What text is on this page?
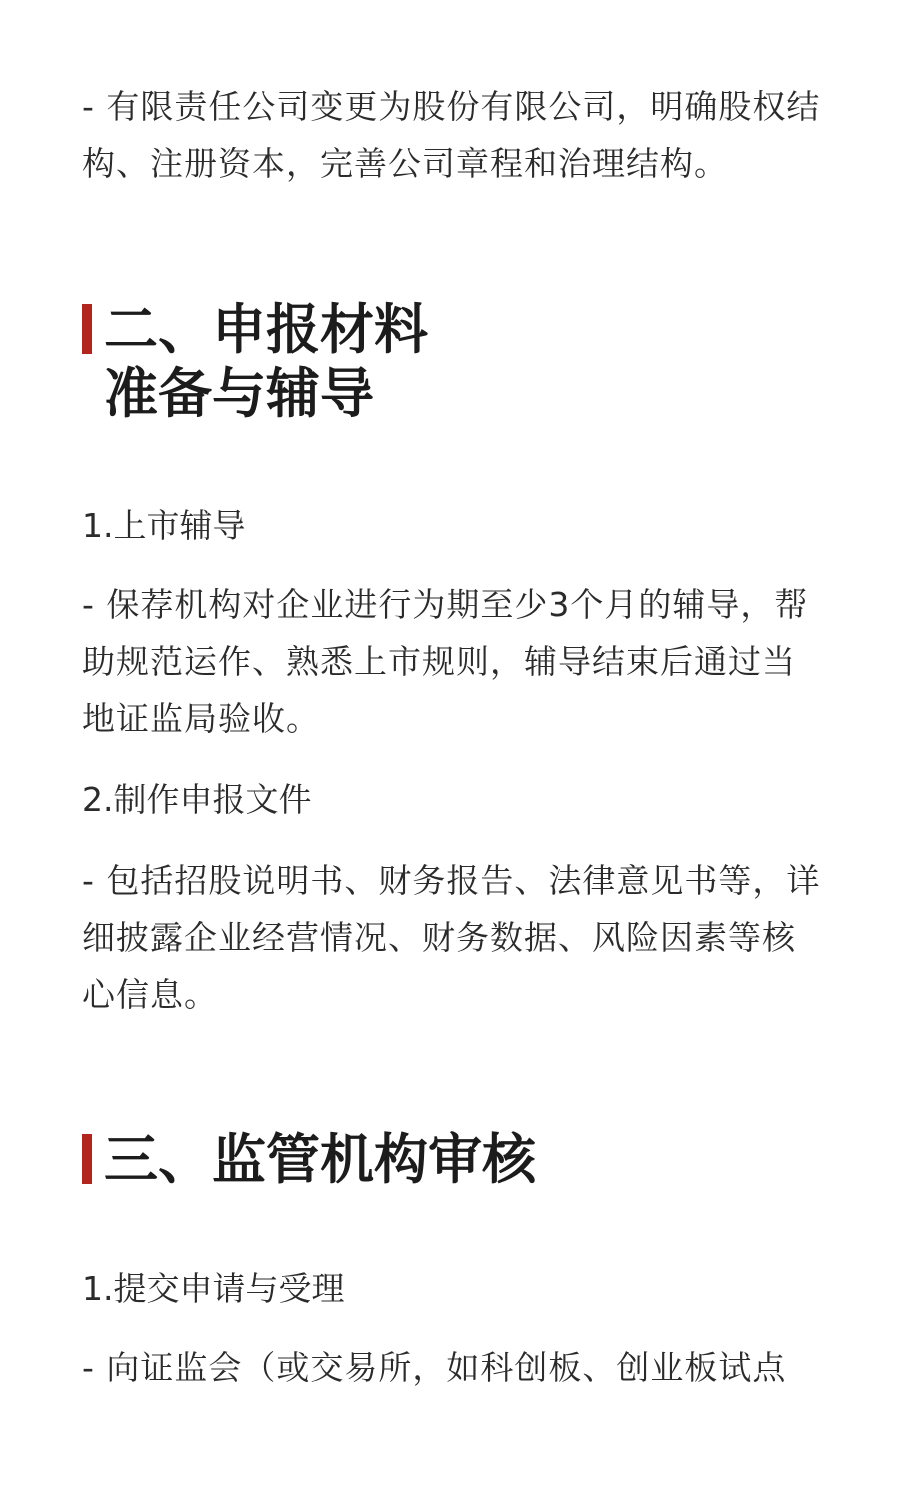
- 有限责任公司变更为股份有限公司，明确股权结构、注册资本，完善公司章程和治理结构。

二、申报材料
准备与辅导

1.上市辅导

- 保荐机构对企业进行为期至少3个月的辅导，帮助规范运作、熟悉上市规则，辅导结束后通过当地证监局验收。

2.制作申报文件

- 包括招股说明书、财务报告、法律意见书等，详细披露企业经营情况、财务数据、风险因素等核心信息。

三、监管机构审核

1.提交申请与受理

- 向证监会（或交易所，如科创板、创业板试点
